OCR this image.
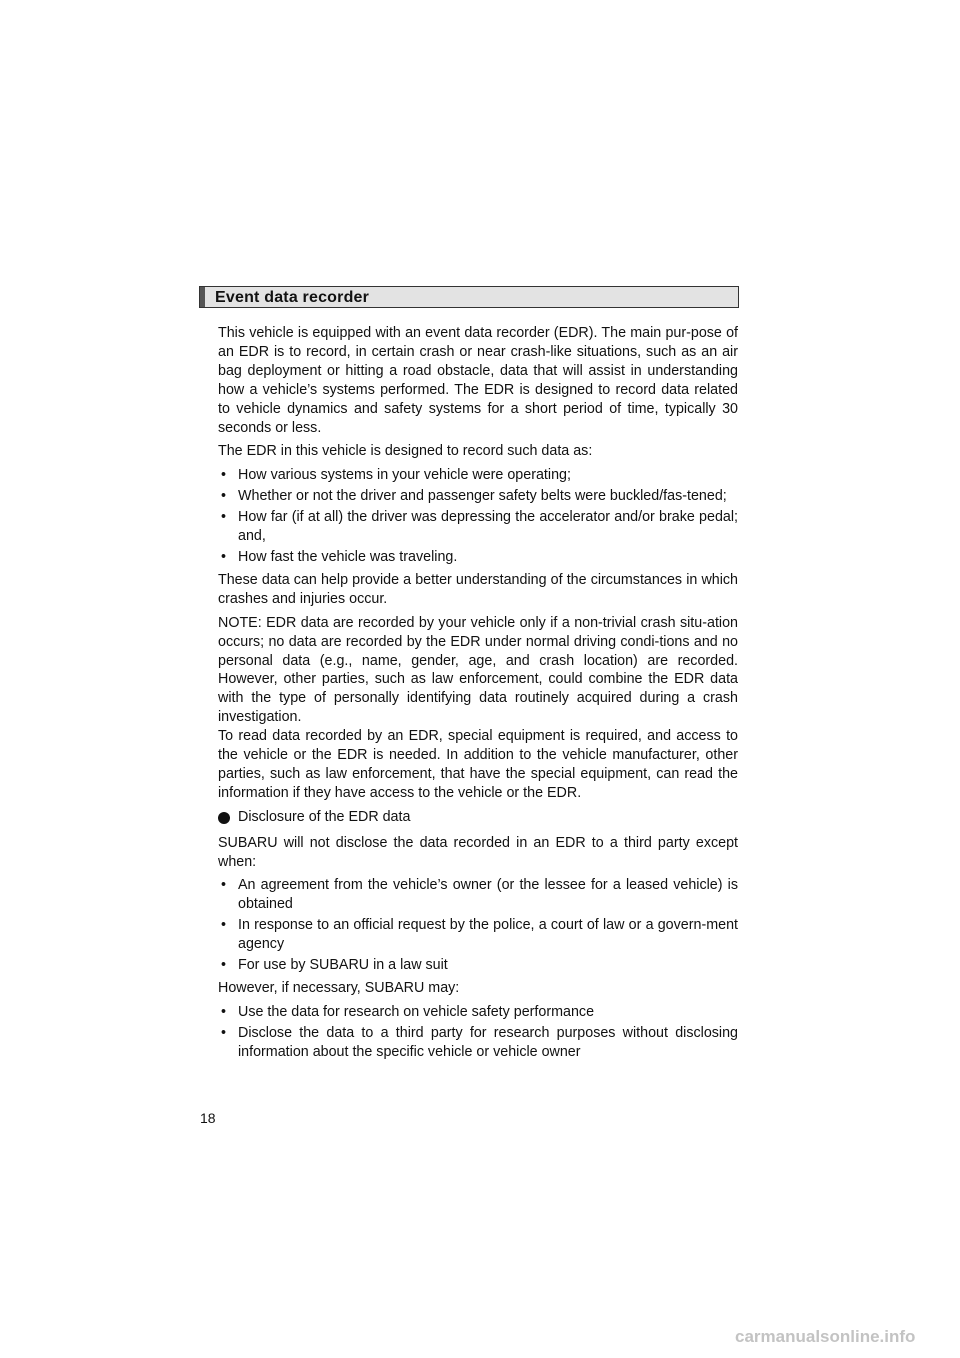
Event data recorder

This vehicle is equipped with an event data recorder (EDR). The main pur-pose of an EDR is to record, in certain crash or near crash-like situations, such as an air bag deployment or hitting a road obstacle, data that will assist in understanding how a vehicle’s systems performed. The EDR is designed to record data related to vehicle dynamics and safety systems for a short period of time, typically 30 seconds or less.

The EDR in this vehicle is designed to record such data as:

• How various systems in your vehicle were operating;
• Whether or not the driver and passenger safety belts were buckled/fas-tened;
• How far (if at all) the driver was depressing the accelerator and/or brake pedal; and,
• How fast the vehicle was traveling.

These data can help provide a better understanding of the circumstances in which crashes and injuries occur.

NOTE: EDR data are recorded by your vehicle only if a non-trivial crash situ-ation occurs; no data are recorded by the EDR under normal driving condi-tions and no personal data (e.g., name, gender, age, and crash location) are recorded. However, other parties, such as law enforcement, could combine the EDR data with the type of personally identifying data routinely acquired during a crash investigation.

To read data recorded by an EDR, special equipment is required, and access to the vehicle or the EDR is needed. In addition to the vehicle manufacturer, other parties, such as law enforcement, that have the special equipment, can read the information if they have access to the vehicle or the EDR.

Disclosure of the EDR data

SUBARU will not disclose the data recorded in an EDR to a third party except when:

• An agreement from the vehicle’s owner (or the lessee for a leased vehicle) is obtained
• In response to an official request by the police, a court of law or a govern-ment agency
• For use by SUBARU in a law suit

However, if necessary, SUBARU may:

• Use the data for research on vehicle safety performance
• Disclose the data to a third party for research purposes without disclosing information about the specific vehicle or vehicle owner
18
carmanualsonline.info
